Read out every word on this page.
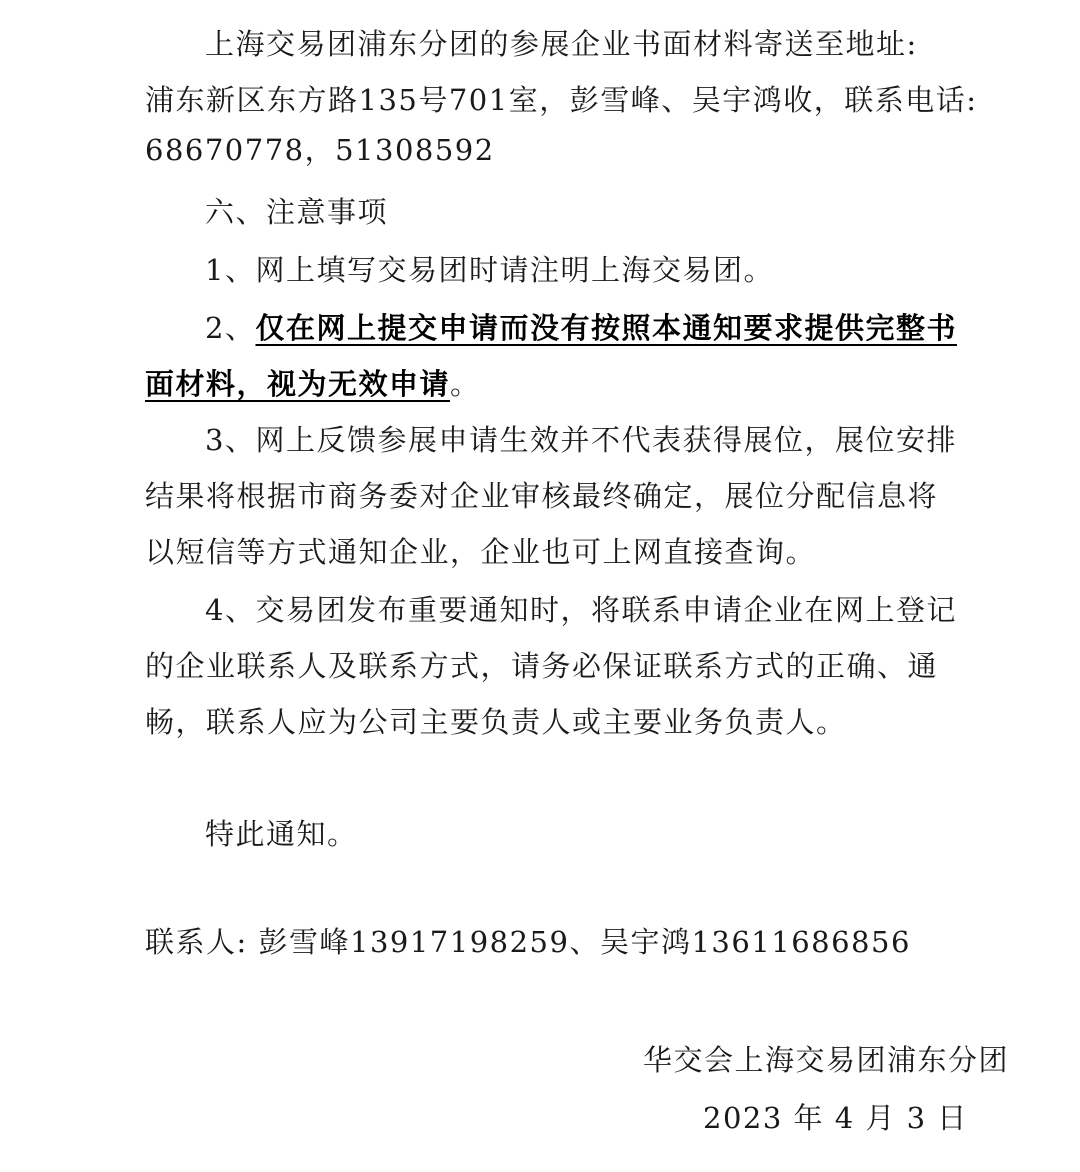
上海交易团浦东分团的参展企业书面材料寄送至地址:
浦东新区东方路135号701室，彭雪峰、吴宇鸿收，联系电话:
68670778，51308592
六、注意事项
1、网上填写交易团时请注明上海交易团。
2、仅在网上提交申请而没有按照本通知要求提供完整书
面材料，视为无效申请。
3、网上反馈参展申请生效并不代表获得展位，展位安排
结果将根据市商务委对企业审核最终确定，展位分配信息将
以短信等方式通知企业，企业也可上网直接查询。
4、交易团发布重要通知时，将联系申请企业在网上登记
的企业联系人及联系方式，请务必保证联系方式的正确、通
畅，联系人应为公司主要负责人或主要业务负责人。
特此通知。
联系人: 彭雪峰13917198259、吴宇鸿13611686856
华交会上海交易团浦东分团
2023 年 4 月 3 日
